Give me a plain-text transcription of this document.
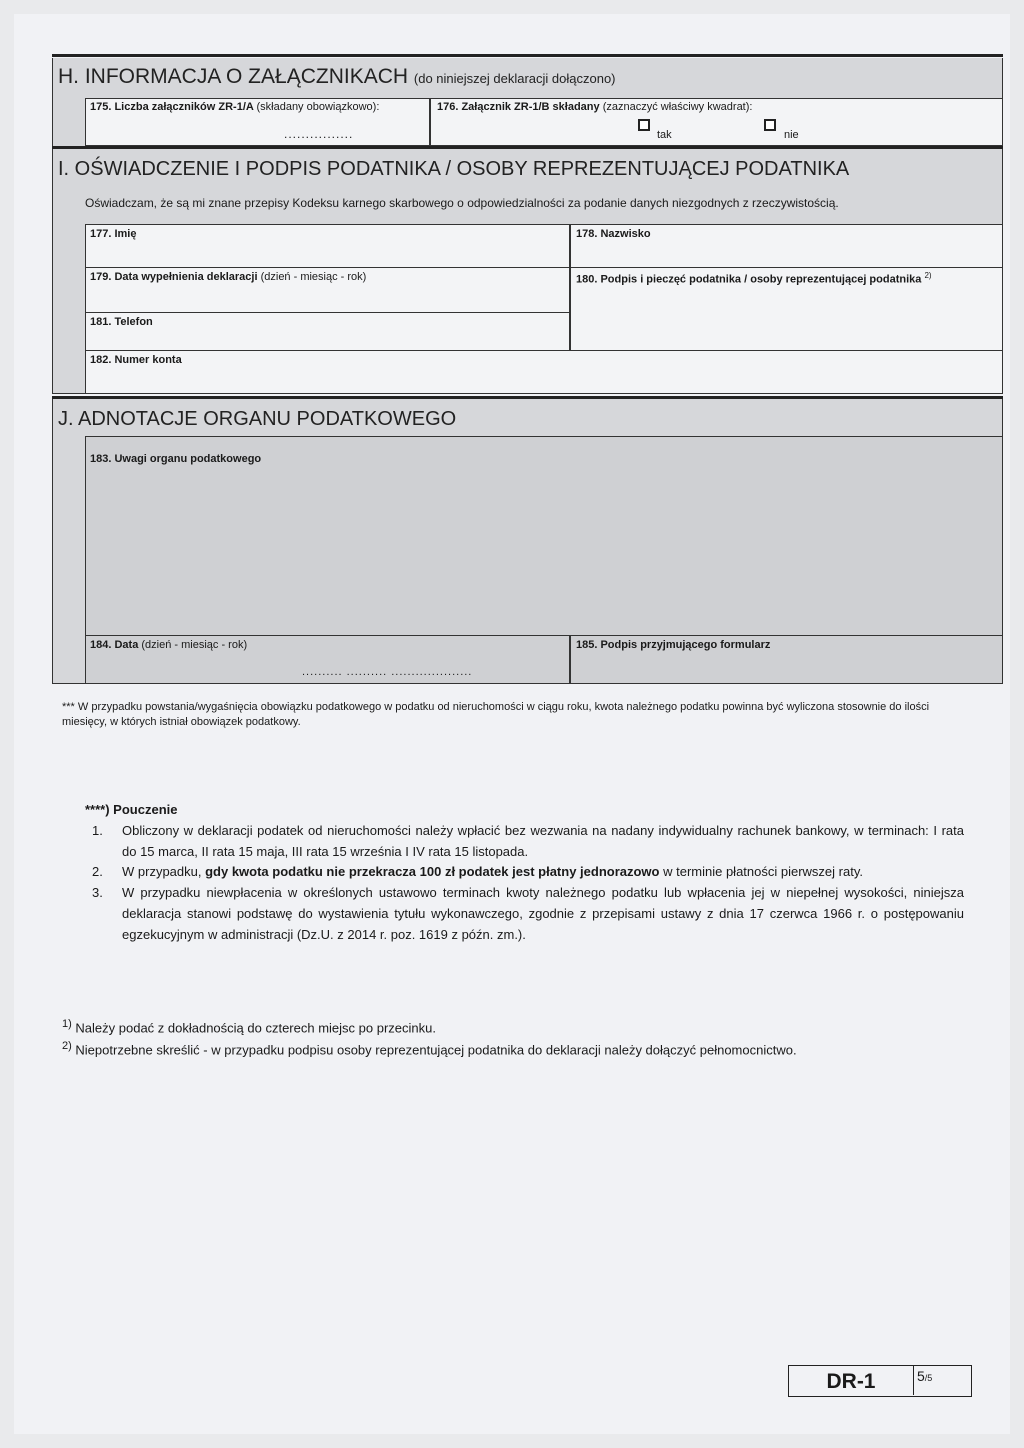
H. INFORMACJA O ZAŁĄCZNIKACH (do niniejszej deklaracji dołączono)
175. Liczba załączników ZR-1/A (składany obowiązkowo):
................
176. Załącznik ZR-1/B składany (zaznaczyć właściwy kwadrat):
tak	nie
I. OŚWIADCZENIE I PODPIS PODATNIKA / OSOBY REPREZENTUJĄCEJ PODATNIKA
Oświadczam, że są mi znane przepisy Kodeksu karnego skarbowego o odpowiedzialności za podanie danych niezgodnych z rzeczywistością.
177. Imię	178. Nazwisko
179. Data wypełnienia deklaracji (dzień - miesiąc - rok)	180. Podpis i pieczęć podatnika / osoby reprezentującej podatnika $^{2)}$
181. Telefon
182. Numer konta
J. ADNOTACJE ORGANU PODATKOWEGO
183. Uwagi organu podatkowego
184. Data (dzień - miesiąc - rok)
.......... .......... ....................
185. Podpis przyjmującego formularz
*** W przypadku powstania/wygaśnięcia obowiązku podatkowego w podatku od nieruchomości w ciągu roku, kwota należnego podatku powinna być wyliczona stosownie do ilości miesięcy, w których istniał obowiązek podatkowy.
****) Pouczenie
1. Obliczony w deklaracji podatek od nieruchomości należy wpłacić bez wezwania na nadany indywidualny rachunek bankowy, w terminach: I rata do 15 marca, II rata 15 maja, III rata 15 września I IV rata 15 listopada.
2. W przypadku, gdy kwota podatku nie przekracza 100 zł podatek jest płatny jednorazowo w terminie płatności pierwszej raty.
3. W przypadku niewpłacenia w określonych ustawowo terminach kwoty należnego podatku lub wpłacenia jej w niepełnej wysokości, niniejsza deklaracja stanowi podstawę do wystawienia tytułu wykonawczego, zgodnie z przepisami ustawy z dnia 17 czerwca 1966 r. o postępowaniu egzekucyjnym w administracji (Dz.U. z 2014 r. poz. 1619 z późn. zm.).
$^{1)}$ Należy podać z dokładnością do czterech miejsc po przecinku.
$^{2)}$ Niepotrzebne skreślić - w przypadku podpisu osoby reprezentującej podatnika do deklaracji należy dołączyć pełnomocnictwo.
DR-1	5/5
